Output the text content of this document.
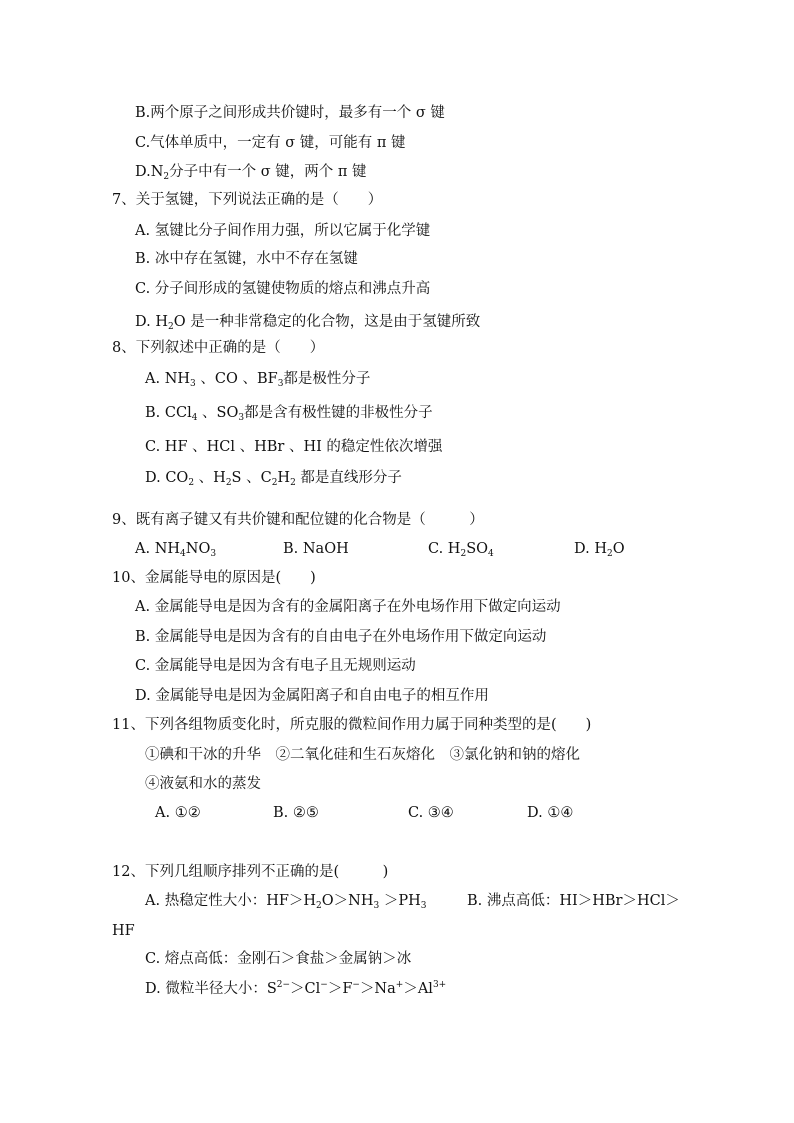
B.两个原子之间形成共价键时，最多有一个 σ 键
C.气体单质中，一定有 σ 键，可能有 π 键
$D.N_2$分子中有一个 σ 键，两个 π 键
7、关于氢键，下列说法正确的是（　　）
A. 氢键比分子间作用力强，所以它属于化学键
B. 冰中存在氢键，水中不存在氢键
C. 分子间形成的氢键使物质的熔点和沸点升高
D. $H_2O$ 是一种非常稳定的化合物，这是由于氢键所致
8、下列叙述中正确的是（　　）
A. $NH_3$ 、CO 、$BF_3$都是极性分子
B. CCl$_4$ 、$SO_3$都是含有极性键的非极性分子
C. HF 、HCl 、HBr 、HI 的稳定性依次增强
D. $CO_2$ 、$H_2S$ 、$C_2H_2$ 都是直线形分子
9、既有离子键又有共价键和配位键的化合物是（　　　）
A. $NH_4NO_3$	B. NaOH	C. $H_2SO_4$	D. $H_2O$
10、金属能导电的原因是(　　)
A. 金属能导电是因为含有的金属阳离子在外电场作用下做定向运动
B. 金属能导电是因为含有的自由电子在外电场作用下做定向运动
C. 金属能导电是因为含有电子且无规则运动
D. 金属能导电是因为金属阳离子和自由电子的相互作用
11、下列各组物质变化时，所克服的微粒间作用力属于同种类型的是(　　)
①碘和干冰的升华　②二氧化硅和生石灰熔化　③氯化钠和钠的熔化
④液氨和水的蒸发
A. ①②	B. ②⑤	C. ③④	D. ①④
12、下列几组顺序排列不正确的是(　　　)
A. 热稳定性大小：$HF>H_2O>NH_3 >PH_3$	B. 沸点高低：HI＞HBr＞HCl＞
HF
C. 熔点高低：金刚石＞食盐＞金属钠＞冰
D. 微粒半径大小：$S^{2-}>Cl^->F^->Na^+>Al^{3+}$
